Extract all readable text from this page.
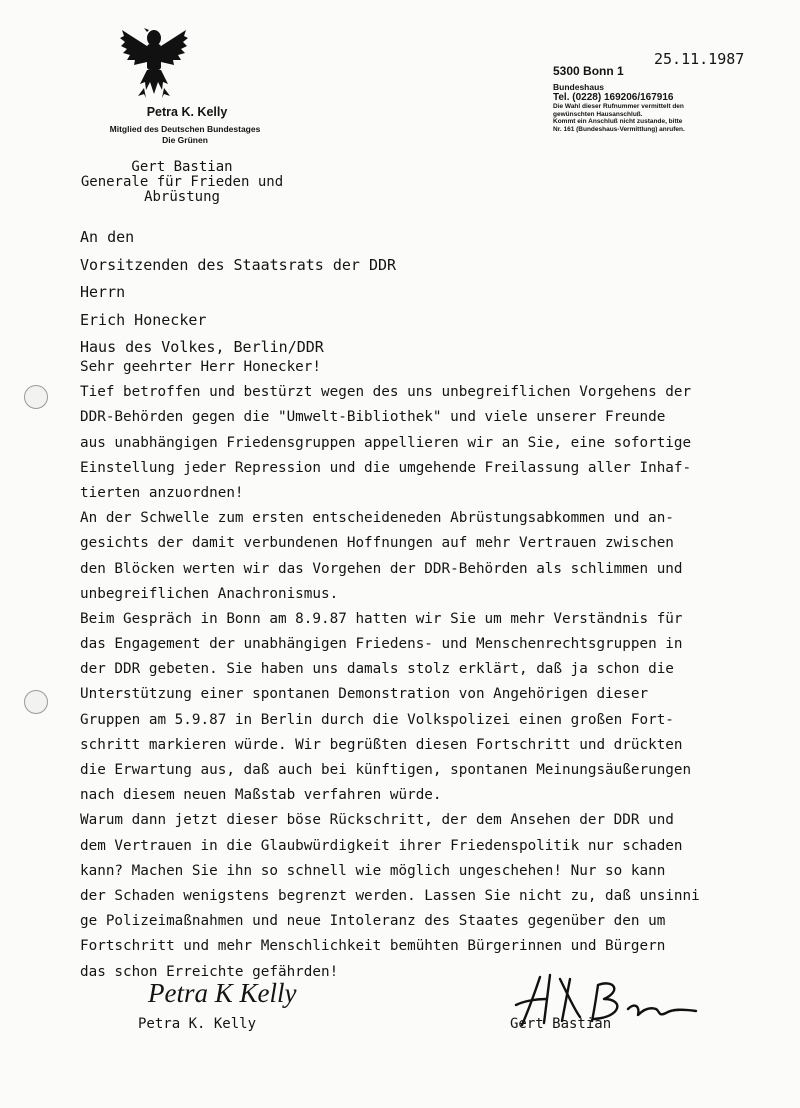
Petra K. Kelly
Mitglied des Deutschen Bundestages
Die Grünen
Gert Bastian
Generale für Frieden und
Abrüstung
25.11.1987
5300 Bonn 1
Bundeshaus
Tel. (0228) 169206/167916
Die Wahl dieser Rufnummer vermittelt den
gewünschten Hausanschluß.
Kommt ein Anschluß nicht zustande, bitte
Nr. 161 (Bundeshaus-Vermittlung) anrufen.
An den
Vorsitzenden des Staatsrats der DDR
Herrn
Erich Honecker
Haus des Volkes, Berlin/DDR
Sehr geehrter Herr Honecker!
Tief betroffen und bestürzt wegen des uns unbegreiflichen Vorgehens der
DDR-Behörden gegen die "Umwelt-Bibliothek" und viele unserer Freunde
aus unabhängigen Friedensgruppen appellieren wir an Sie, eine sofortige
Einstellung jeder Repression und die umgehende Freilassung aller Inhaf-
tierten anzuordnen!
An der Schwelle zum ersten entscheideneden Abrüstungsabkommen und an-
gesichts der damit verbundenen Hoffnungen auf mehr Vertrauen zwischen
den Blöcken werten wir das Vorgehen der DDR-Behörden als schlimmen und
unbegreiflichen Anachronismus.
Beim Gespräch in Bonn am 8.9.87 hatten wir Sie um mehr Verständnis für
das Engagement der unabhängigen Friedens- und Menschenrechtsgruppen in
der DDR gebeten. Sie haben uns damals stolz erklärt, daß ja schon die
Unterstützung einer spontanen Demonstration von Angehörigen dieser
Gruppen am 5.9.87 in Berlin durch die Volkspolizei einen großen Fort-
schritt markieren würde. Wir begrüßten diesen Fortschritt und drückten
die Erwartung aus, daß auch bei künftigen, spontanen Meinungsäußerungen
nach diesem neuen Maßstab verfahren würde.
Warum dann jetzt dieser böse Rückschritt, der dem Ansehen der DDR und
dem Vertrauen in die Glaubwürdigkeit ihrer Friedenspolitik nur schaden
kann? Machen Sie ihn so schnell wie möglich ungeschehen! Nur so kann
der Schaden wenigstens begrenzt werden. Lassen Sie nicht zu, daß unsinni
ge Polizeimaßnahmen und neue Intoleranz des Staates gegenüber den um
Fortschritt und mehr Menschlichkeit bemühten Bürgerinnen und Bürgern
das schon Erreichte gefährden!
Petra K Kelly
Petra K. Kelly	Gert Bastian
